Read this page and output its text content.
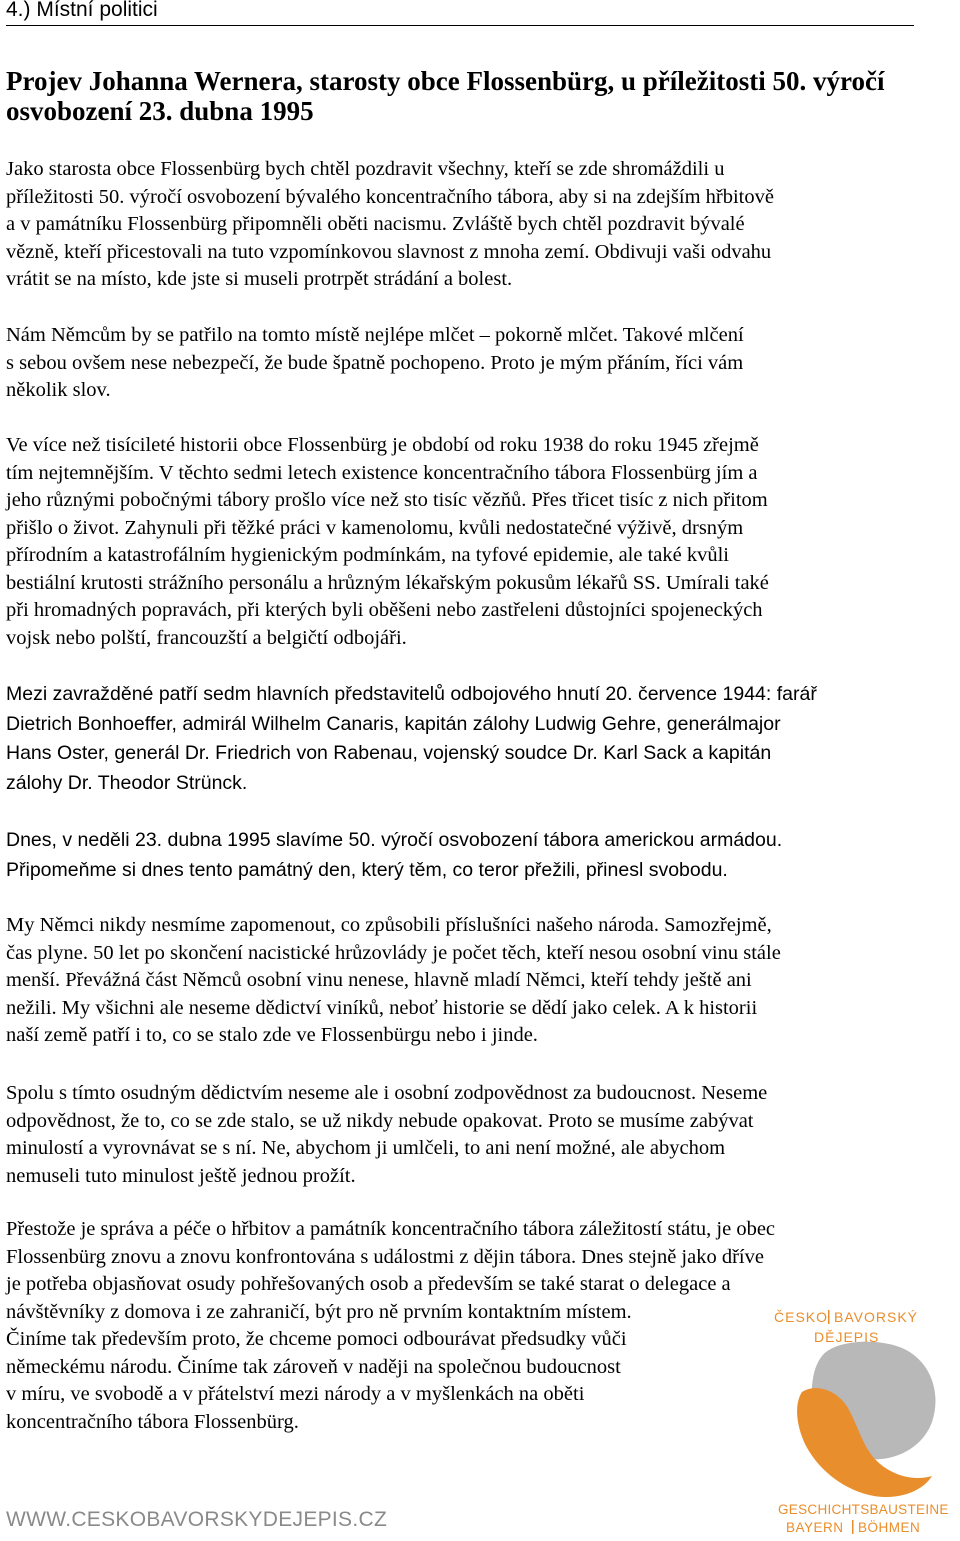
4.) Místní politici
Projev Johanna Wernera, starosty obce Flossenbürg, u příležitosti 50. výročí osvobození 23. dubna 1995
Jako starosta obce Flossenbürg bych chtěl pozdravit všechny, kteří se zde shromáždili u
příležitosti 50. výročí osvobození bývalého koncentračního tábora, aby si na zdejším hřbitově
a v památníku Flossenbürg připomněli oběti nacismu. Zvláště bych chtěl pozdravit bývalé
vězně, kteří přicestovali na tuto vzpomínkovou slavnost z mnoha zemí. Obdivuji vaši odvahu
vrátit se na místo, kde jste si museli protrpět strádání a bolest.
Nám Němcům by se patřilo na tomto místě nejlépe mlčet – pokorně mlčet. Takové mlčení
s sebou ovšem nese nebezpečí, že bude špatně pochopeno. Proto je mým přáním, říci vám
několik slov.
Ve více než tisícileté historii obce Flossenbürg je období od roku 1938 do roku 1945 zřejmě
tím nejtemnějším. V těchto sedmi letech existence koncentračního tábora Flossenbürg jím a
jeho různými pobočnými tábory prošlo více než sto tisíc vězňů. Přes třicet tisíc z nich přitom
přišlo o život. Zahynuli při těžké práci v kamenolomu, kvůli nedostatečné výživě, drsným
přírodním a katastrofálním hygienickým podmínkám, na tyfové epidemie, ale také kvůli
bestiální krutosti strážního personálu a hrůzným lékařským pokusům lékařů SS. Umírali také
při hromadných popravách, při kterých byli oběšeni nebo zastřeleni důstojníci spojeneckých
vojsk nebo polští, francouzští a belgičtí odbojáři.
Mezi zavražděné patří sedm hlavních představitelů odbojového hnutí 20. července 1944: farář
Dietrich Bonhoeffer, admirál Wilhelm Canaris, kapitán zálohy Ludwig Gehre, generálmajor
Hans Oster, generál Dr. Friedrich von Rabenau, vojenský soudce Dr. Karl Sack a kapitán
zálohy Dr. Theodor Strünck.
Dnes, v neděli 23. dubna 1995 slavíme 50. výročí osvobození tábora americkou armádou.
Připomeňme si dnes tento památný den, který těm, co teror přežili, přinesl svobodu.
My Němci nikdy nesmíme zapomenout, co způsobili příslušníci našeho národa. Samozřejmě,
čas plyne. 50 let po skončení nacistické hrůzovlády je počet těch, kteří nesou osobní vinu stále
menší. Převážná část Němců osobní vinu nenese, hlavně mladí Němci, kteří tehdy ještě ani
nežili. My všichni ale neseme dědictví viníků, neboť historie se dědí jako celek. A k historii
naší země patří i to, co se stalo zde ve Flossenbürgu nebo i jinde.
Spolu s tímto osudným dědictvím neseme ale i osobní zodpovědnost za budoucnost. Neseme
odpovědnost, že to, co se zde stalo, se už nikdy nebude opakovat. Proto se musíme zabývat
minulostí a vyrovnávat se s ní. Ne, abychom ji umlčeli, to ani není možné, ale abychom
nemuseli tuto minulost ještě jednou prožít.
Přestože je správa a péče o hřbitov a památník koncentračního tábora záležitostí státu, je obec
Flossenbürg znovu a znovu konfrontována s událostmi z dějin tábora. Dnes stejně jako dříve
je potřeba objasňovat osudy pohřešovaných osob a především se také starat o delegace a
návštěvníky z domova i ze zahraničí, být pro ně prvním kontaktním místem.
Činíme tak především proto, že chceme pomoci odbourávat předsudky vůči
německému národu. Činíme tak zároveň v naději na společnou budoucnost
v míru, ve svobodě a v přátelství mezi národy a v myšlenkách na oběti
koncentračního tábora Flossenbürg.
ČESKO BAVORSKÝ
DĚJEPIS
GESCHICHTSBAUSTEINE
BAYERN BÖHMEN
WWW.CESKOBAVORSKYDEJEPIS.CZ
